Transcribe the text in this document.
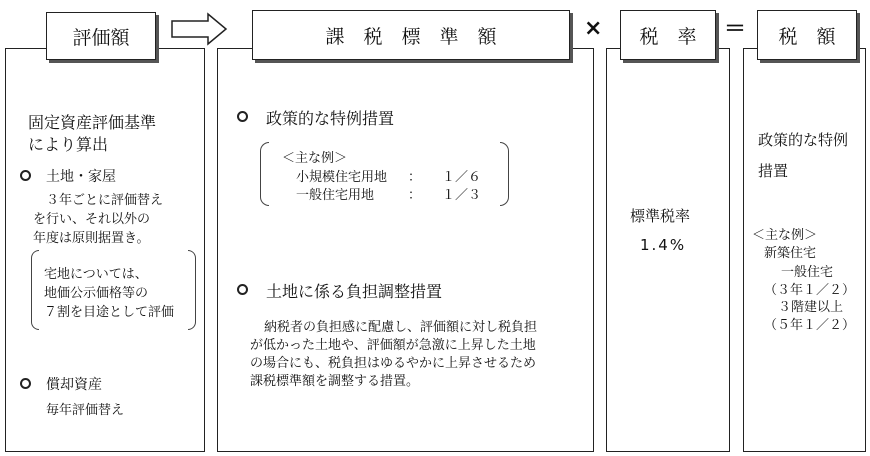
評価額	課　税　標　準　額	× 税　率 ＝ 税　額
固定資産評価基準
により算出
土地・家屋
３年ごとに評価替え
を行い、それ以外の
年度は原則据置き。
宅地については、
地価公示価格等の
７割を目途として評価
償却資産
毎年評価替え
政策的な特例措置
＜主な例＞
小規模住宅用地 ： １／６
一般住宅用地	： １／３
土地に係る負担調整措置
納税者の負担感に配慮し、評価額に対し税負担
が低かった土地や、評価額が急激に上昇した土地
の場合にも、税負担はゆるやかに上昇させるため
課税標準額を調整する措置。
標準税率
1.4%
政策的な特例
措置
＜主な例＞
新築住宅
一般住宅
（３年１／２）
３階建以上
（５年１／２）
